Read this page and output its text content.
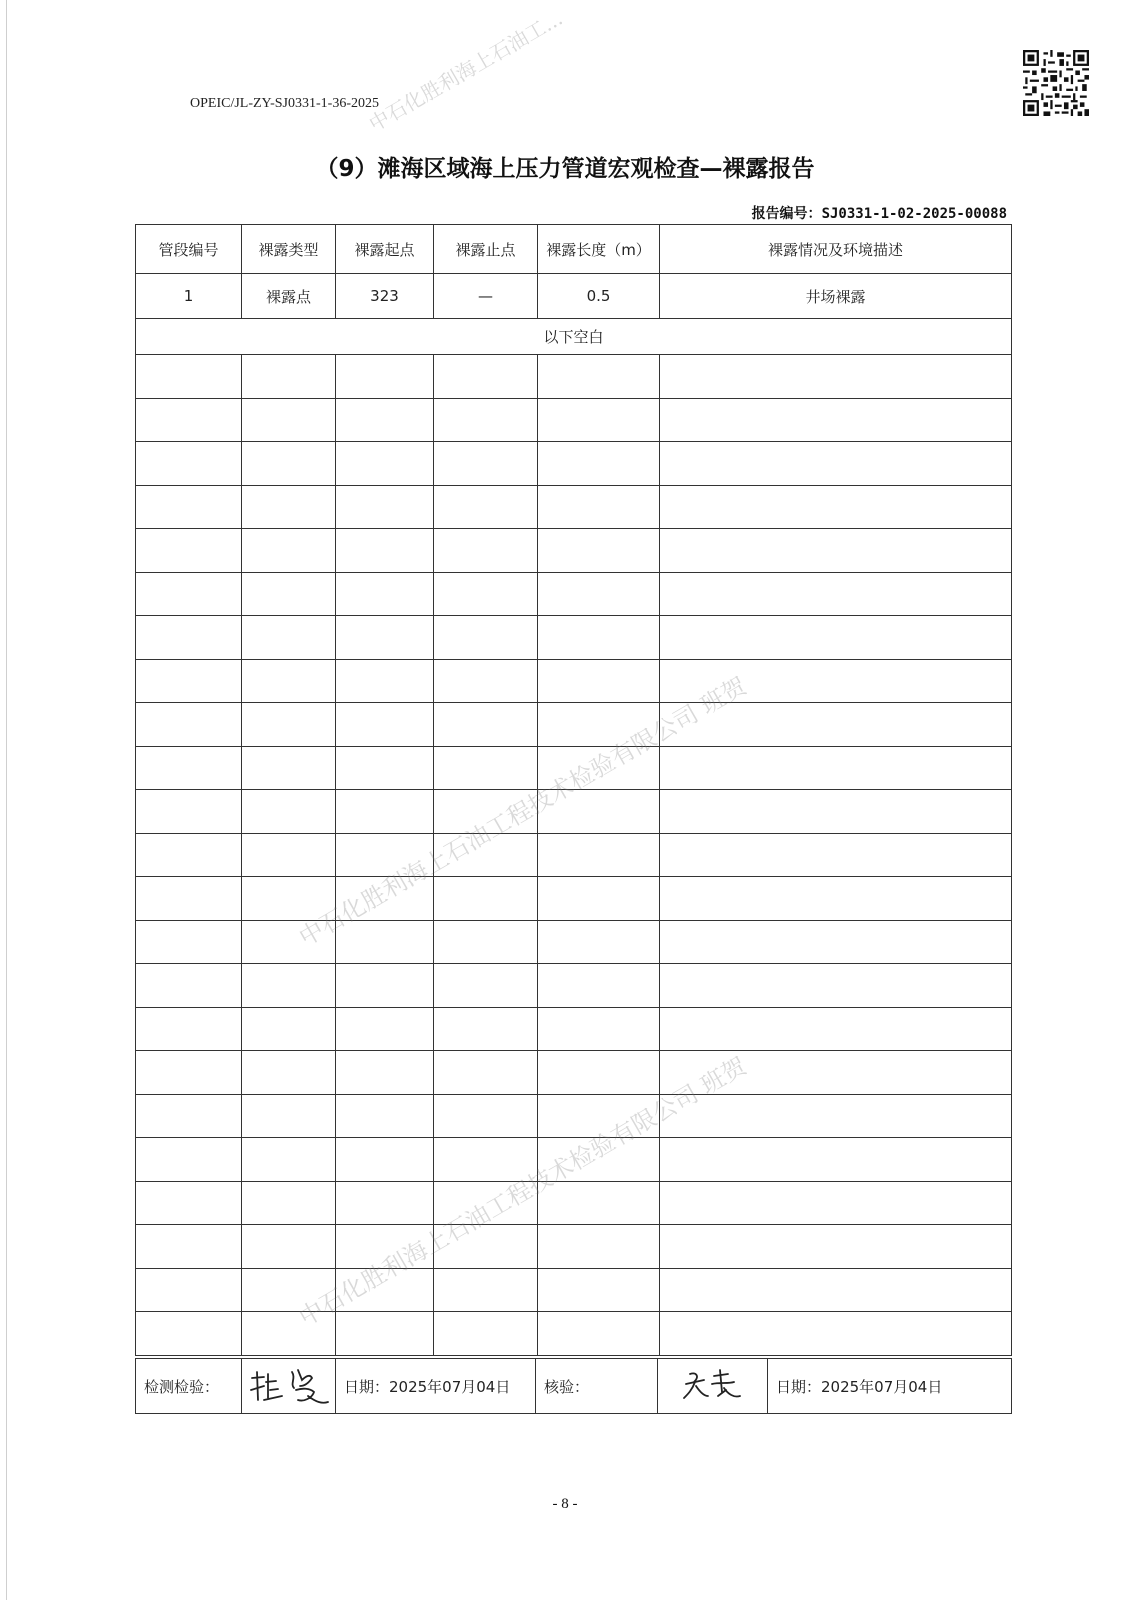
OPEIC/JL-ZY-SJ0331-1-36-2025
（9）滩海区域海上压力管道宏观检查—裸露报告
报告编号：SJ0331-1-02-2025-00088
管段编号	裸露类型	裸露起点	裸露止点	裸露长度（m）	裸露情况及环境描述
1	裸露点	323	—	0.5	井场裸露
以下空白					

检测检验：		日期：2025年07月04日	核验：		日期：2025年07月04日
中石化胜利海上石油工程技术检验有限公司 班贺
中石化胜利海上石油工程技术检验有限公司 班贺
中石化胜利海上石油工...
- 8 -
